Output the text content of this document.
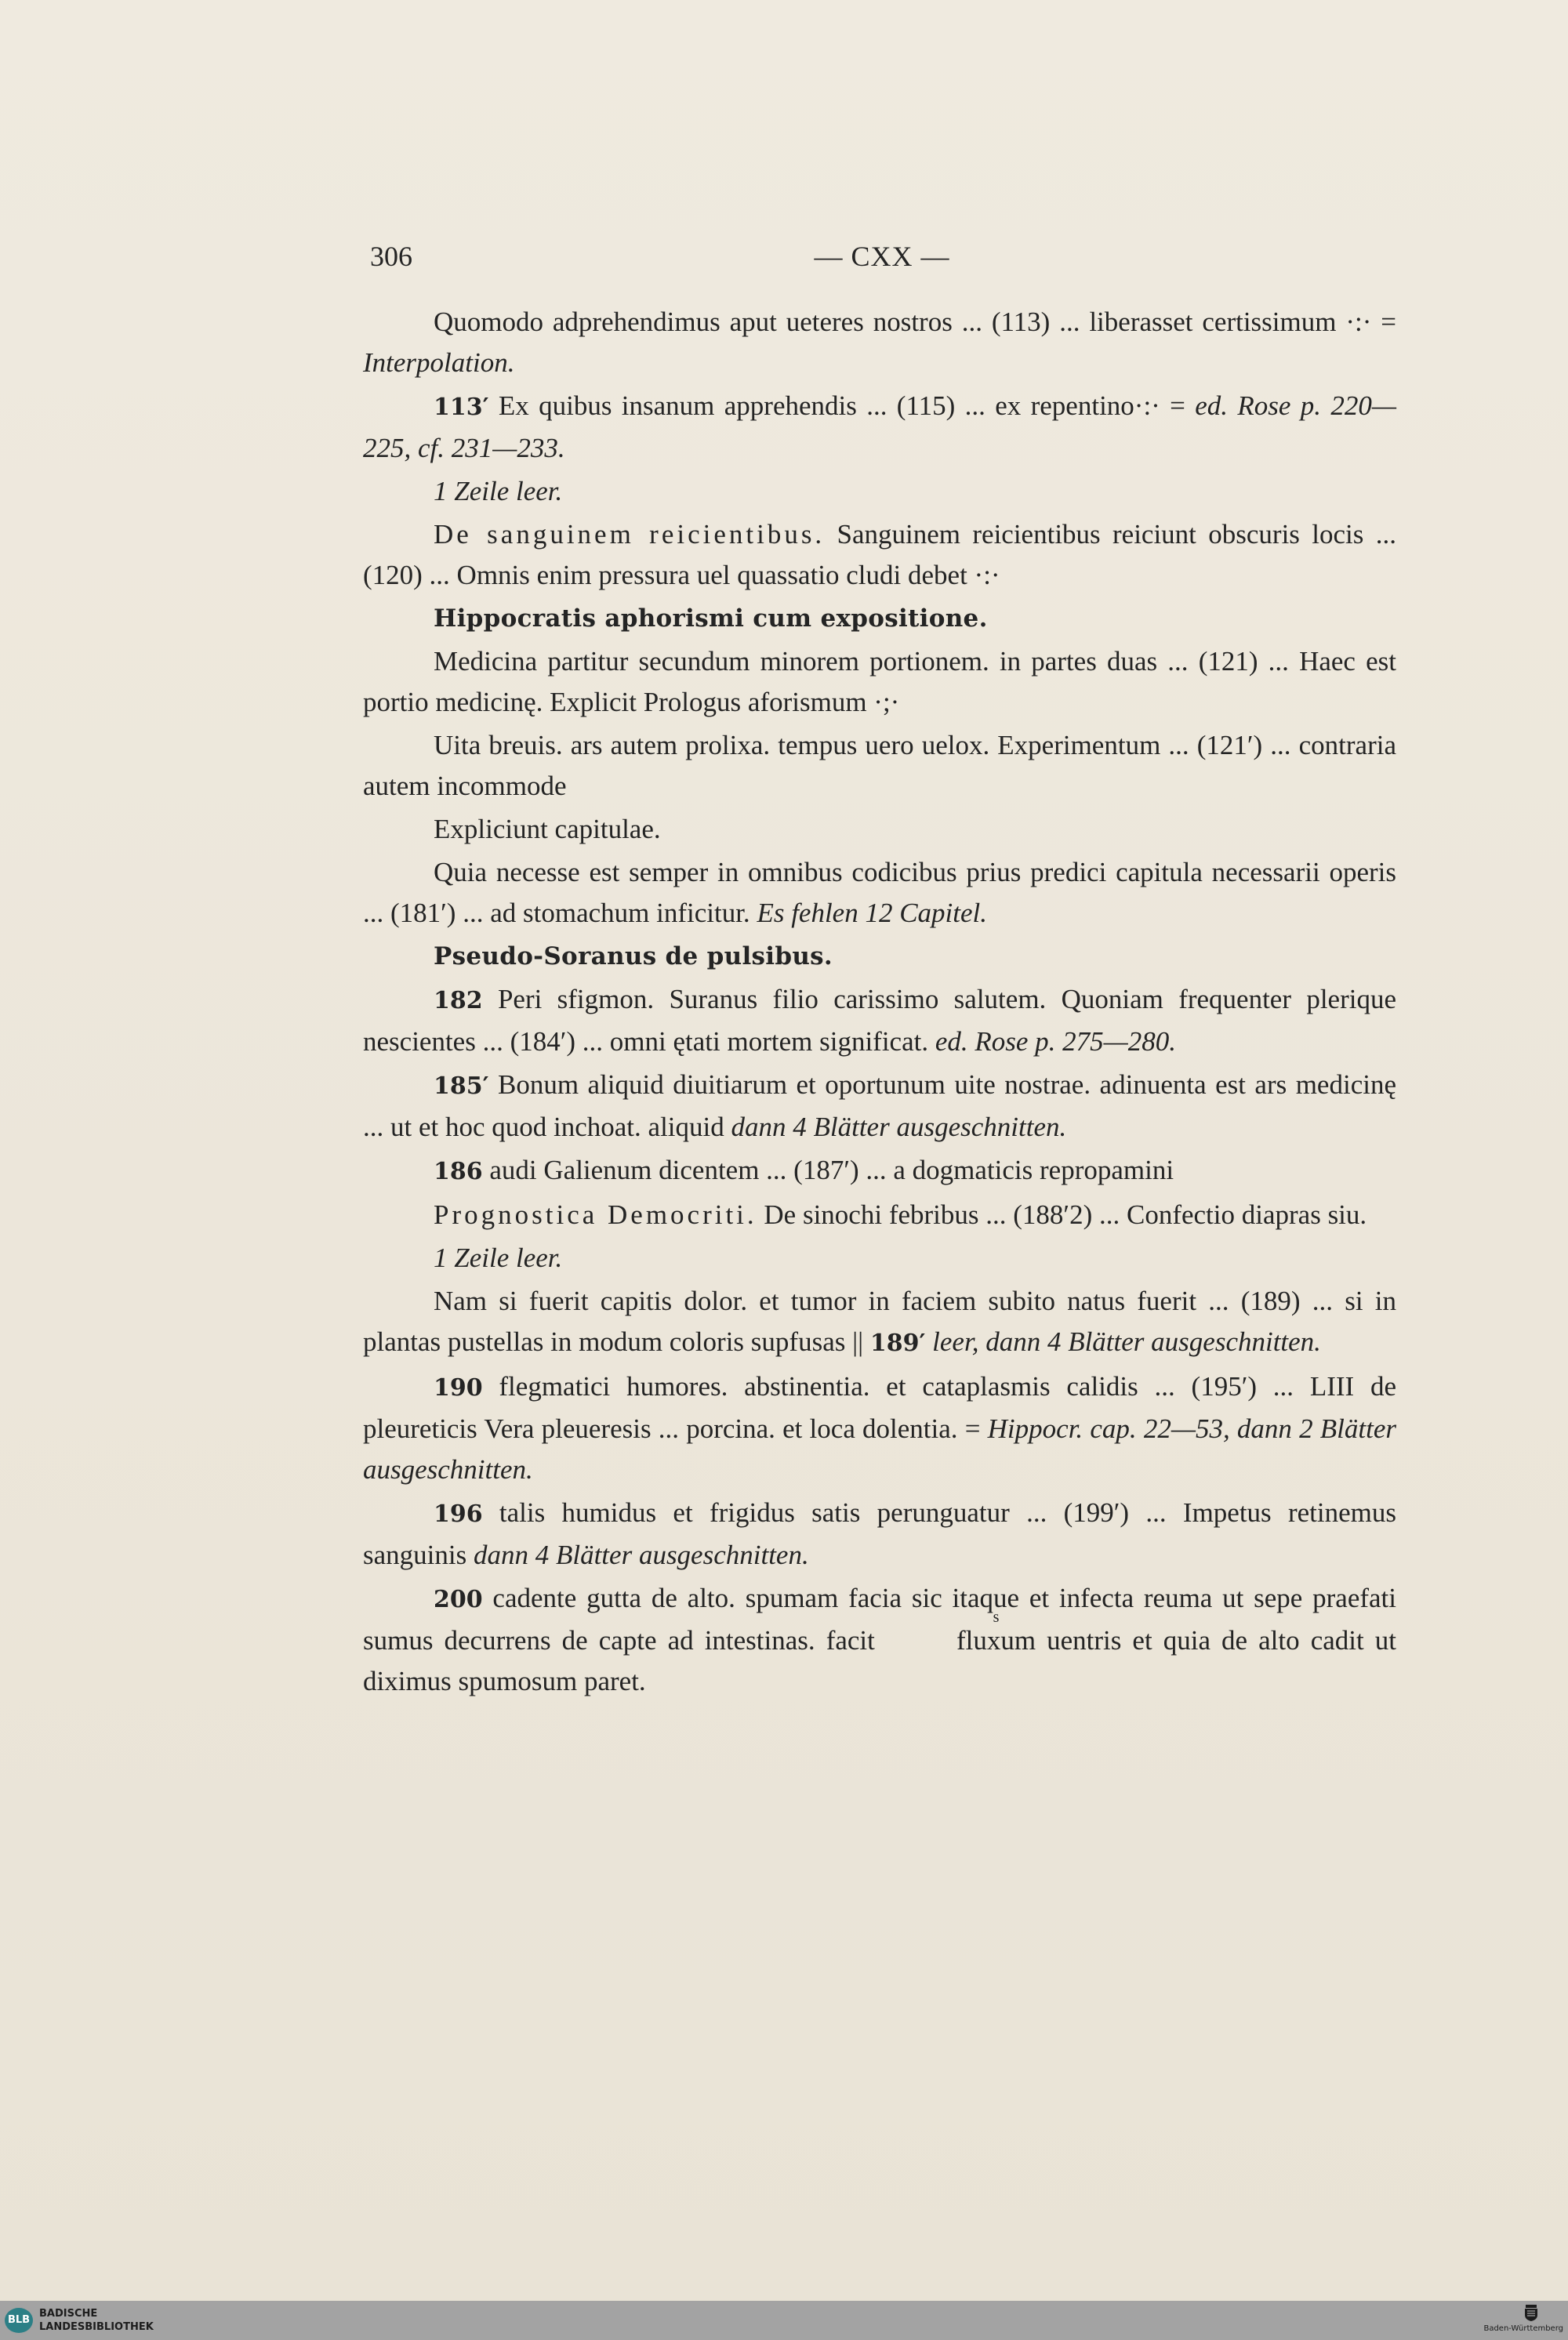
306	— CXX —

Quomodo adprehendimus aput ueteres nostros ... (113) ... liberasset certissimum ·:· = Interpolation.

113′ Ex quibus insanum apprehendis ... (115) ... ex repentino·:· = ed. Rose p. 220—225, cf. 231—233.

1 Zeile leer.

De sanguinem reicientibus. Sanguinem reicientibus reiciunt obscuris locis ... (120) ... Omnis enim pressura uel quassatio cludi debet ·:·

Hippocratis aphorismi cum expositione.

Medicina partitur secundum minorem portionem. in partes duas ... (121) ... Haec est portio medicinę. Explicit Prologus aforismum ·;·

Uita breuis. ars autem prolixa. tempus uero uelox. Experimentum ... (121′) ... contraria autem incommode

Expliciunt capitulae.

Quia necesse est semper in omnibus codicibus prius predici capitula necessarii operis ... (181′) ... ad stomachum inficitur. Es fehlen 12 Capitel.

Pseudo-Soranus de pulsibus.

182 Peri sfigmon. Suranus filio carissimo salutem. Quoniam frequenter plerique nescientes ... (184′) ... omni ętati mortem significat. ed. Rose p. 275—280.

185′ Bonum aliquid diuitiarum et oportunum uite nostrae. adinuenta est ars medicinę ... ut et hoc quod inchoat. aliquid dann 4 Blätter ausgeschnitten.

186 audi Galienum dicentem ... (187′) ... a dogmaticis repropamini

Prognostica Democriti. De sinochi febribus ... (188′2) ... Confectio diapras siu.

1 Zeile leer.

Nam si fuerit capitis dolor. et tumor in faciem subito natus fuerit ... (189) ... si in plantas pustellas in modum coloris supfusas || 189′ leer, dann 4 Blätter ausgeschnitten.

190 flegmatici humores. abstinentia. et cataplasmis calidis ... (195′) ... LIII de pleureticis Vera pleueresis ... porcina. et loca dolentia. = Hippocr. cap. 22—53, dann 2 Blätter ausgeschnitten.

196 talis humidus et frigidus satis perunguatur ... (199′) ... Impetus retinemus sanguinis dann 4 Blätter ausgeschnitten.

200 cadente gutta de alto. spumam facia sic itaque et infecta reuma ut sepe praefati sumus decurrens de capte ad intestinas. facit	fluxum
s
uentris et quia de alto cadit ut diximus spumosum paret.

BLB
BADISCHE
LANDESBIBLIOTHEK	Baden-Württemberg
